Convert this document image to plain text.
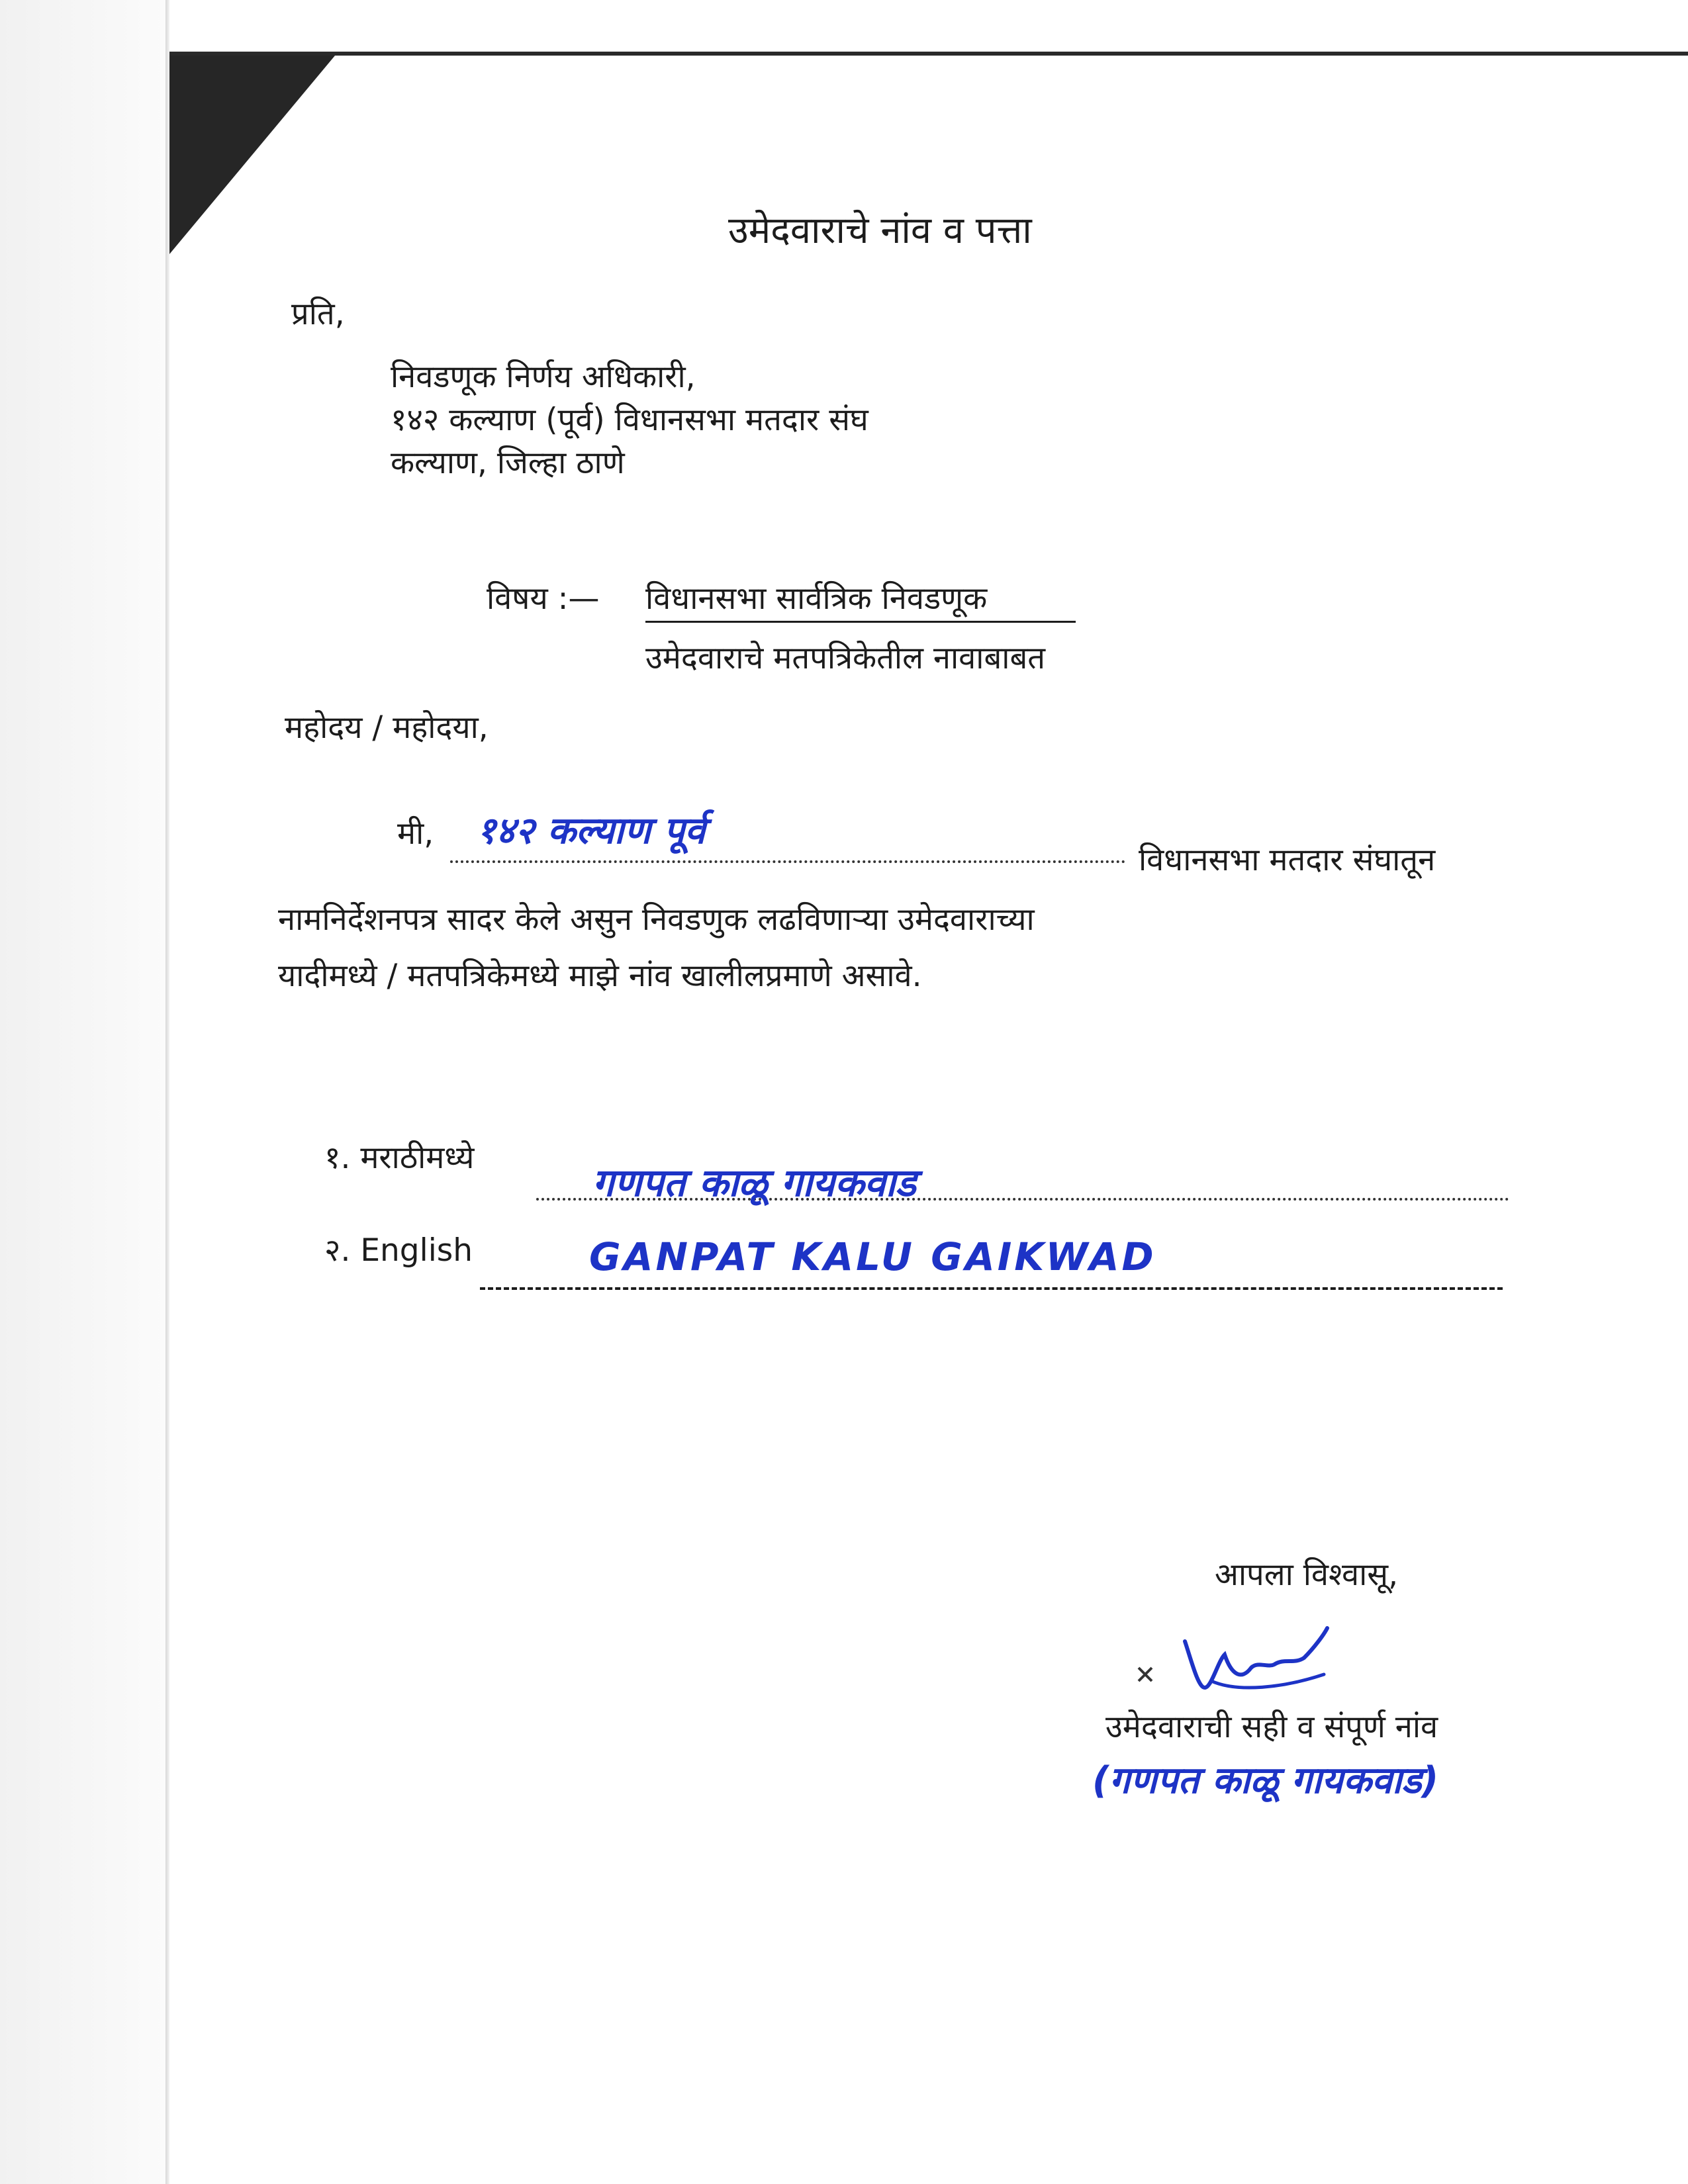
उमेदवाराचे नांव व पत्ता
प्रति,
निवडणूक निर्णय अधिकारी,
१४२ कल्याण (पूर्व) विधानसभा मतदार संघ
कल्याण, जिल्हा ठाणे
विषय :— विधानसभा सार्वत्रिक निवडणूक
उमेदवाराचे मतपत्रिकेतील नावाबाबत
महोदय / महोदया,
मी, १४२ कल्याण पूर्व
विधानसभा मतदार संघातून
नामनिर्देशनपत्र सादर केले असुन निवडणुक लढविणाऱ्या उमेदवाराच्या
यादीमध्ये / मतपत्रिकेमध्ये माझे नांव खालीलप्रमाणे असावे.
१. मराठीमध्ये
गणपत काळू गायकवाड
२. English	GANPAT KALU GAIKWAD
आपला विश्वासू,
उमेदवाराची सही व संपूर्ण नांव
(गणपत काळू गायकवाड)
